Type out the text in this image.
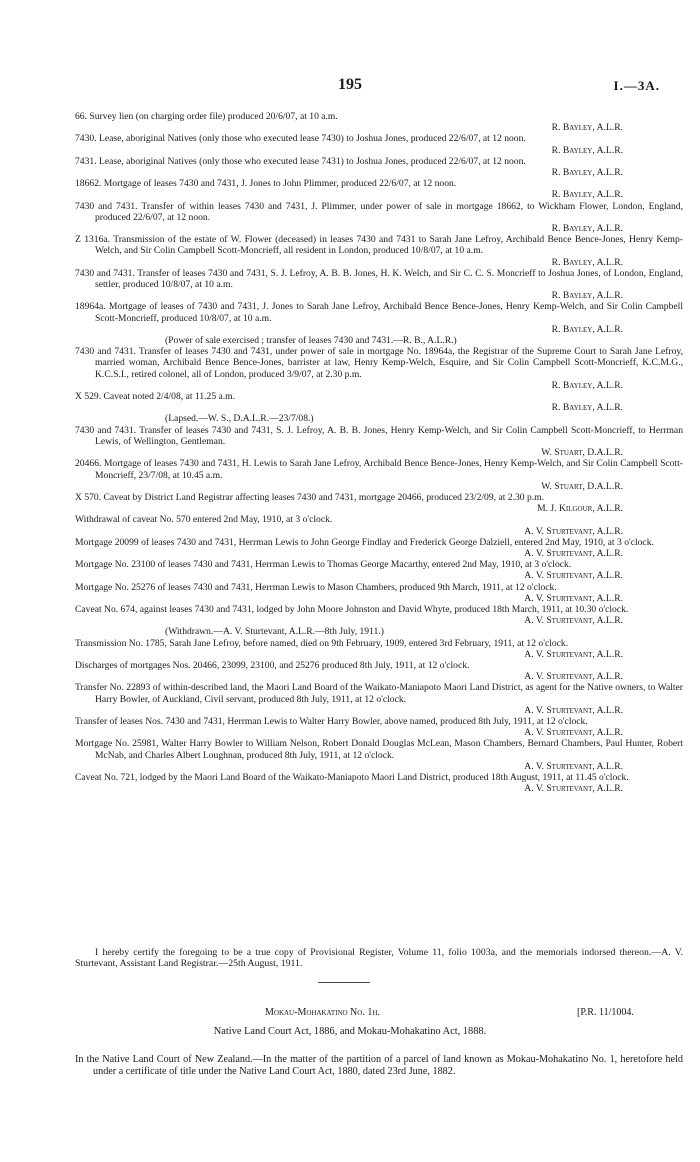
195	I.—3A.
66. Survey lien (on charging order file) produced 20/6/07, at 10 a.m.
R. Bayley, A.L.R.
7430. Lease, aboriginal Natives (only those who executed lease 7430) to Joshua Jones, produced 22/6/07, at 12 noon.
R. Bayley, A.L.R.
7431. Lease, aboriginal Natives (only those who executed lease 7431) to Joshua Jones, produced 22/6/07, at 12 noon.
R. Bayley, A.L.R.
18662. Mortgage of leases 7430 and 7431, J. Jones to John Plimmer, produced 22/6/07, at 12 noon.
R. Bayley, A.L.R.
7430 and 7431. Transfer of within leases 7430 and 7431, J. Plimmer, under power of sale in mortgage 18662, to Wickham Flower, London, England, produced 22/6/07, at 12 noon.
R. Bayley, A.L.R.
Z 1316a. Transmission of the estate of W. Flower (deceased) in leases 7430 and 7431 to Sarah Jane Lefroy, Archibald Bence Bence-Jones, Henry Kemp-Welch, and Sir Colin Campbell Scott-Moncrieff, all resident in London, produced 10/8/07, at 10 a.m.
R. Bayley, A.L.R.
7430 and 7431. Transfer of leases 7430 and 7431, S. J. Lefroy, A. B. B. Jones, H. K. Welch, and Sir C. C. S. Moncrieff to Joshua Jones, of London, England, settler, produced 10/8/07, at 10 a.m.
R. Bayley, A.L.R.
18964a. Mortgage of leases of 7430 and 7431, J. Jones to Sarah Jane Lefroy, Archibald Bence Bence-Jones, Henry Kemp-Welch, and Sir Colin Campbell Scott-Moncrieff, produced 10/8/07, at 10 a.m.
R. Bayley, A.L.R.
(Power of sale exercised ; transfer of leases 7430 and 7431.—R. B., A.L.R.)
7430 and 7431. Transfer of leases 7430 and 7431, under power of sale in mortgage No. 18964a, the Registrar of the Supreme Court to Sarah Jane Lefroy, married woman, Archibald Bence Bence-Jones, barrister at law, Henry Kemp-Welch, Esquire, and Sir Colin Campbell Scott-Moncrieff, K.C.M.G., K.C.S.I., retired colonel, all of London, produced 3/9/07, at 2.30 p.m.
R. Bayley, A.L.R.
X 529. Caveat noted 2/4/08, at 11.25 a.m.
R. Bayley, A.L.R.
(Lapsed.—W. S., D.A.L.R.—23/7/08.)
7430 and 7431. Transfer of leases 7430 and 7431, S. J. Lefroy, A. B. B. Jones, Henry Kemp-Welch, and Sir Colin Campbell Scott-Moncrieff, to Herrman Lewis, of Wellington, Gentleman.
W. Stuart, D.A.L.R.
20466. Mortgage of leases 7430 and 7431, H. Lewis to Sarah Jane Lefroy, Archibald Bence Bence-Jones, Henry Kemp-Welch, and Sir Colin Campbell Scott-Moncrieff, 23/7/08, at 10.45 a.m.
W. Stuart, D.A.L.R.
X 570. Caveat by District Land Registrar affecting leases 7430 and 7431, mortgage 20466, produced 23/2/09, at 2.30 p.m.
M. J. Kilgour, A.L.R.
Withdrawal of caveat No. 570 entered 2nd May, 1910, at 3 o'clock.
A. V. Sturtevant, A.L.R.
Mortgage 20099 of leases 7430 and 7431, Herrman Lewis to John George Findlay and Frederick George Dalziell, entered 2nd May, 1910, at 3 o'clock.
A. V. Sturtevant, A.L.R.
Mortgage No. 23100 of leases 7430 and 7431, Herrman Lewis to Thomas George Macarthy, entered 2nd May, 1910, at 3 o'clock.
A. V. Sturtevant, A.L.R.
Mortgage No. 25276 of leases 7430 and 7431, Herrman Lewis to Mason Chambers, produced 9th March, 1911, at 12 o'clock.
A. V. Sturtevant, A.L.R.
Caveat No. 674, against leases 7430 and 7431, lodged by John Moore Johnston and David Whyte, produced 18th March, 1911, at 10.30 o'clock.
A. V. Sturtevant, A.L.R.
(Withdrawn.—A. V. Sturtevant, A.L.R.—8th July, 1911.)
Transmission No. 1785, Sarah Jane Lefroy, before named, died on 9th February, 1909, entered 3rd February, 1911, at 12 o'clock.
A. V. Sturtevant, A.L.R.
Discharges of mortgages Nos. 20466, 23099, 23100, and 25276 produced 8th July, 1911, at 12 o'clock.
A. V. Sturtevant, A.L.R.
Transfer No. 22893 of within-described land, the Maori Land Board of the Waikato-Maniapoto Maori Land District, as agent for the Native owners, to Walter Harry Bowler, of Auckland, Civil servant, produced 8th July, 1911, at 12 o'clock.
A. V. Sturtevant, A.L.R.
Transfer of leases Nos. 7430 and 7431, Herrman Lewis to Walter Harry Bowler, above named, produced 8th July, 1911, at 12 o'clock.
A. V. Sturtevant, A.L.R.
Mortgage No. 25981, Walter Harry Bowler to William Nelson, Robert Donald Douglas McLean, Mason Chambers, Bernard Chambers, Paul Hunter, Robert McNab, and Charles Albert Loughnan, produced 8th July, 1911, at 12 o'clock.
A. V. Sturtevant, A.L.R.
Caveat No. 721, lodged by the Maori Land Board of the Waikato-Maniapoto Maori Land District, produced 18th August, 1911, at 11.45 o'clock.
A. V. Sturtevant, A.L.R.

I hereby certify the foregoing to be a true copy of Provisional Register, Volume 11, folio 1003a, and the memorials indorsed thereon.—A. V. Sturtevant, Assistant Land Registrar.—25th August, 1911.

Mokau-Mohakatino No. 1h.	[P.R. 11/1004.
Native Land Court Act, 1886, and Mokau-Mohakatino Act, 1888.

In the Native Land Court of New Zealand.—In the matter of the partition of a parcel of land known as Mokau-Mohakatino No. 1, heretofore held under a certificate of title under the Native Land Court Act, 1880, dated 23rd June, 1882.
